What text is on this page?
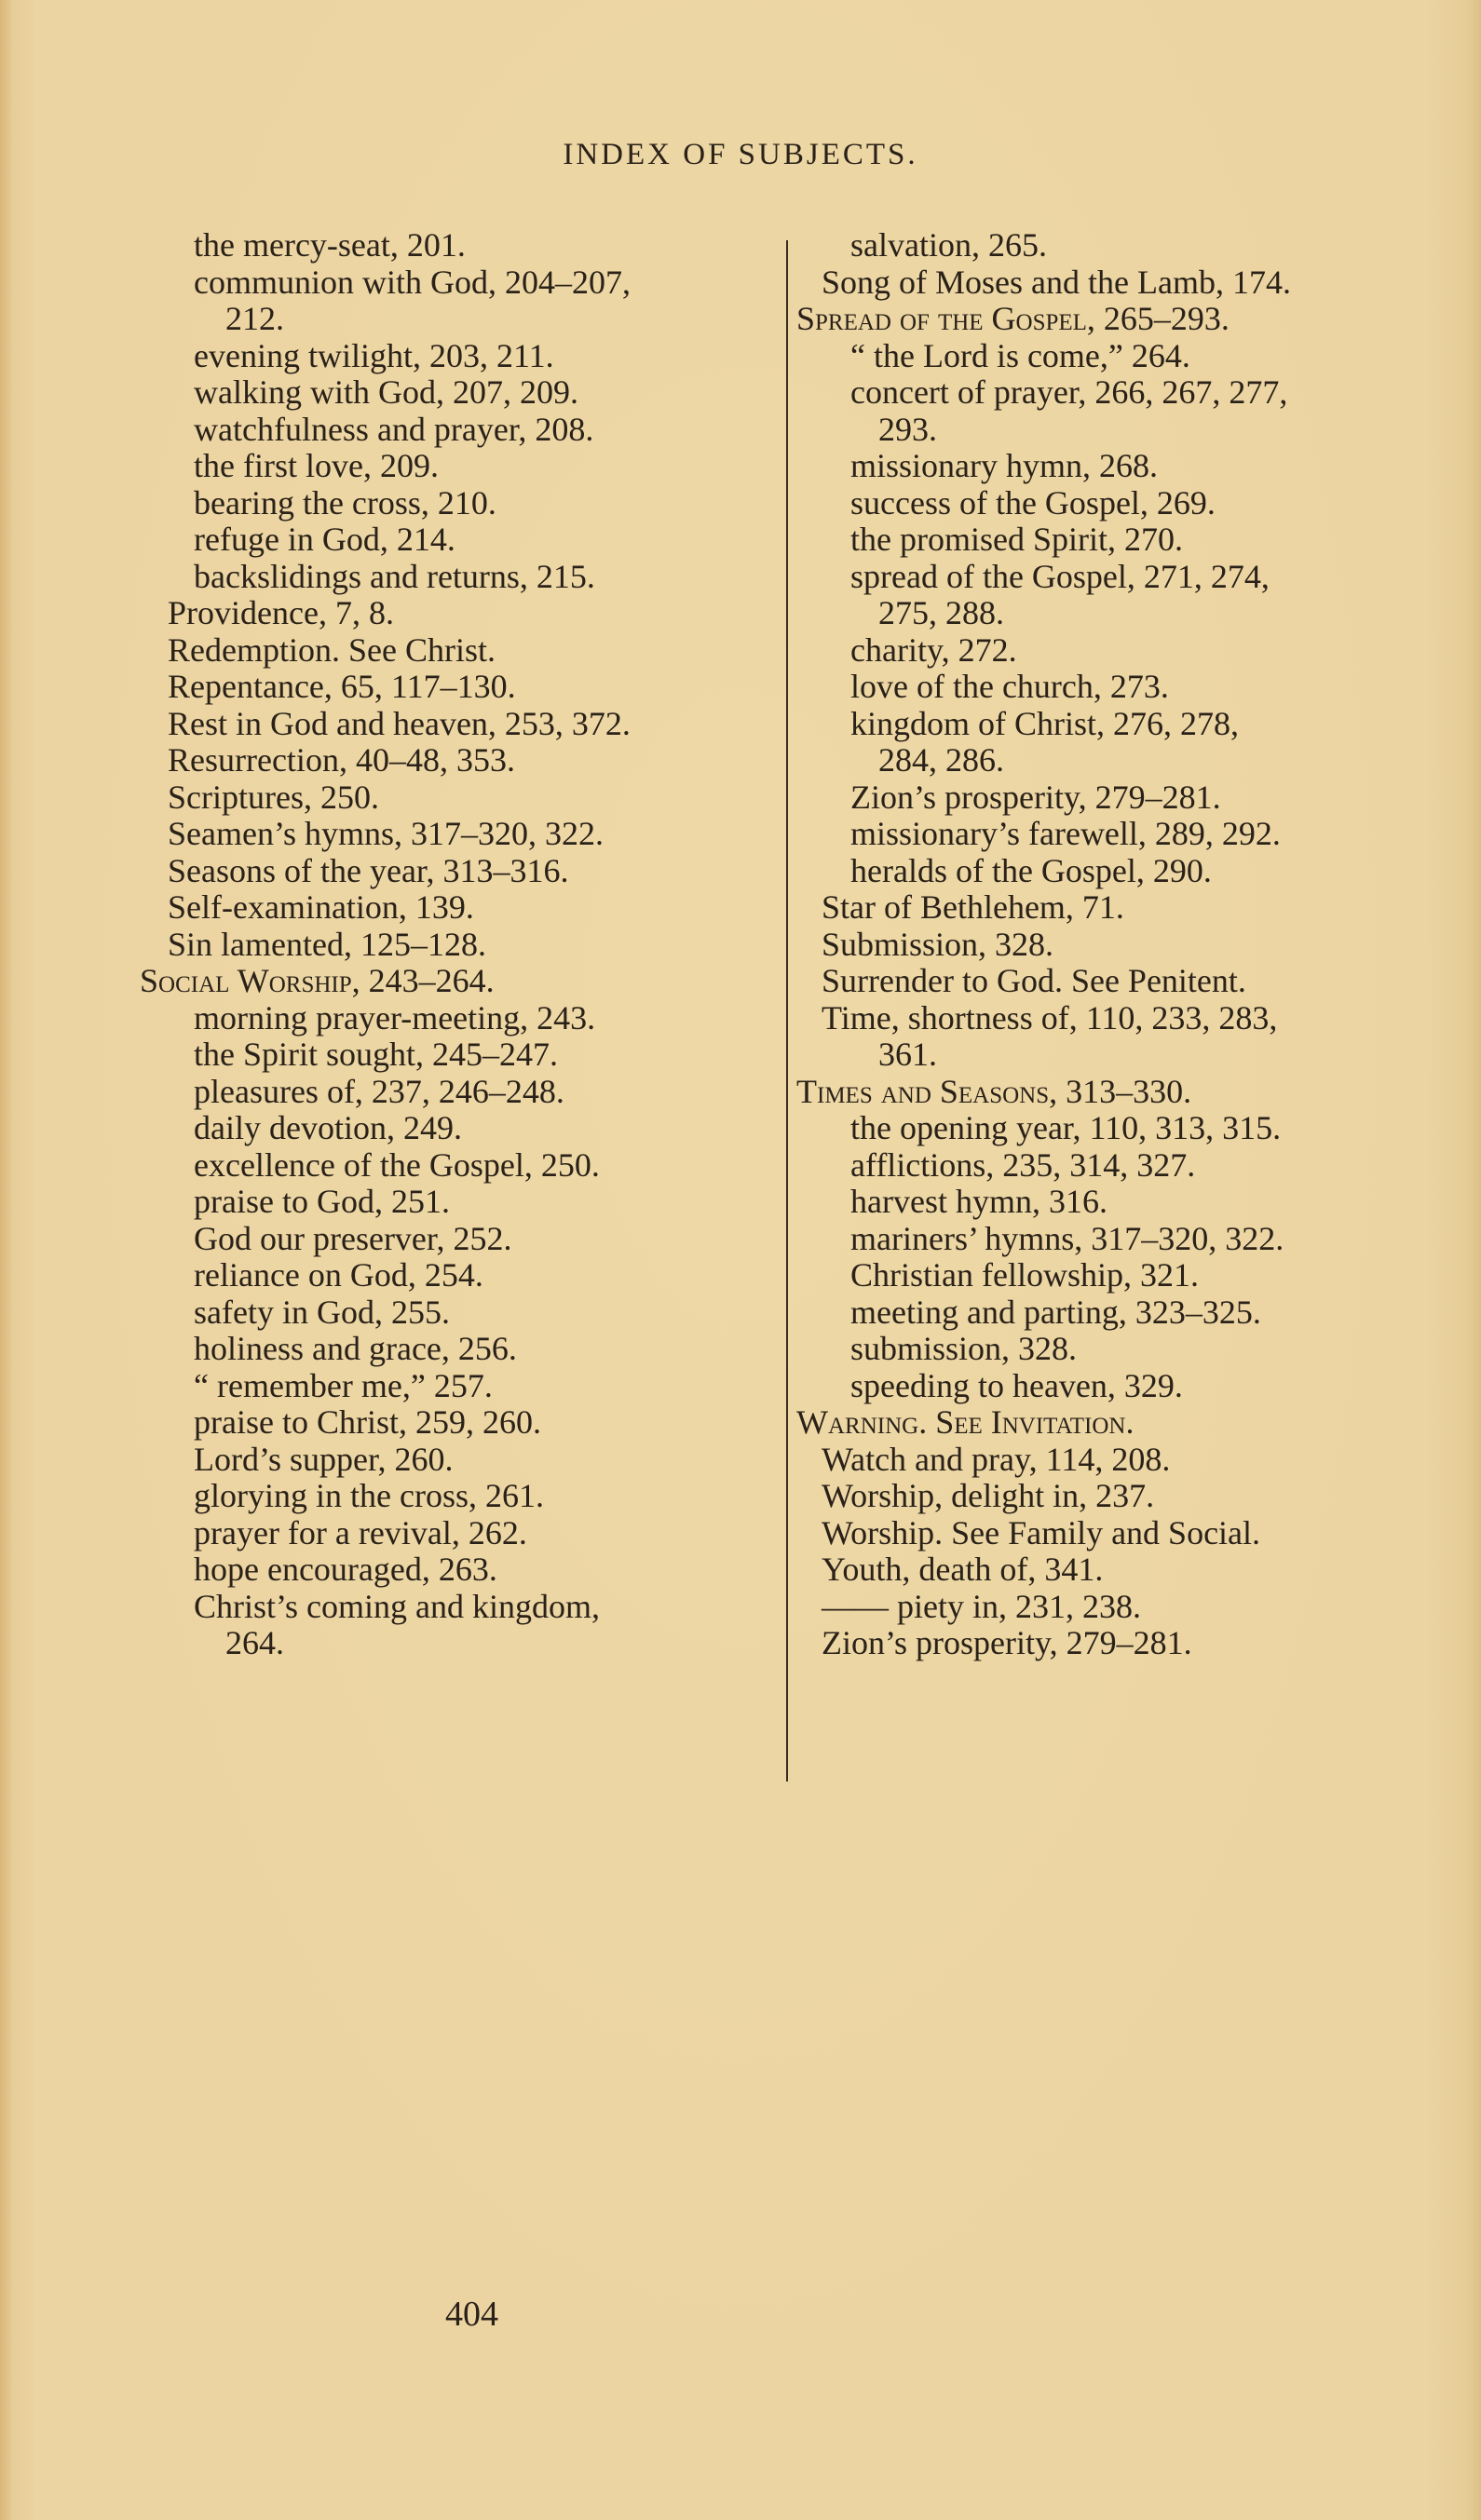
INDEX OF SUBJECTS.
the mercy-seat, 201.
communion with God, 204–207,
212.
evening twilight, 203, 211.
walking with God, 207, 209.
watchfulness and prayer, 208.
the first love, 209.
bearing the cross, 210.
refuge in God, 214.
backslidings and returns, 215.
Providence, 7, 8.
Redemption. See Christ.
Repentance, 65, 117–130.
Rest in God and heaven, 253, 372.
Resurrection, 40–48, 353.
Scriptures, 250.
Seamen’s hymns, 317–320, 322.
Seasons of the year, 313–316.
Self-examination, 139.
Sin lamented, 125–128.
Social Worship, 243–264.
morning prayer-meeting, 243.
the Spirit sought, 245–247.
pleasures of, 237, 246–248.
daily devotion, 249.
excellence of the Gospel, 250.
praise to God, 251.
God our preserver, 252.
reliance on God, 254.
safety in God, 255.
holiness and grace, 256.
“ remember me,” 257.
praise to Christ, 259, 260.
Lord’s supper, 260.
glorying in the cross, 261.
prayer for a revival, 262.
hope encouraged, 263.
Christ’s coming and kingdom,
264.
salvation, 265.
Song of Moses and the Lamb, 174.
Spread of the Gospel, 265–293.
“ the Lord is come,” 264.
concert of prayer, 266, 267, 277,
293.
missionary hymn, 268.
success of the Gospel, 269.
the promised Spirit, 270.
spread of the Gospel, 271, 274,
275, 288.
charity, 272.
love of the church, 273.
kingdom of Christ, 276, 278,
284, 286.
Zion’s prosperity, 279–281.
missionary’s farewell, 289, 292.
heralds of the Gospel, 290.
Star of Bethlehem, 71.
Submission, 328.
Surrender to God. See Penitent.
Time, shortness of, 110, 233, 283,
361.
Times and Seasons, 313–330.
the opening year, 110, 313, 315.
afflictions, 235, 314, 327.
harvest hymn, 316.
mariners’ hymns, 317–320, 322.
Christian fellowship, 321.
meeting and parting, 323–325.
submission, 328.
speeding to heaven, 329.
Warning. See Invitation.
Watch and pray, 114, 208.
Worship, delight in, 237.
Worship. See Family and Social.
Youth, death of, 341.
—— piety in, 231, 238.
Zion’s prosperity, 279–281.
404
